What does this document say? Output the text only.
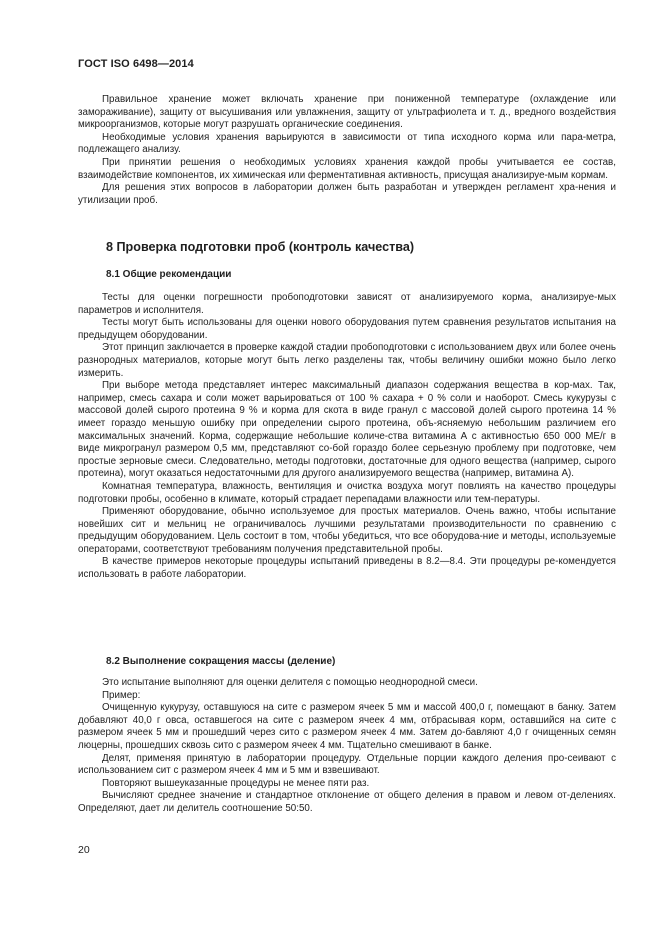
ГОСТ ISO 6498—2014

Правильное хранение может включать хранение при пониженной температуре (охлаждение или замораживание), защиту от высушивания или увлажнения, защиту от ультрафиолета и т. д., вредного воздействия микроорганизмов, которые могут разрушать органические соединения.

Необходимые условия хранения варьируются в зависимости от типа исходного корма или пара-метра, подлежащего анализу.

При принятии решения о необходимых условиях хранения каждой пробы учитывается ее состав, взаимодействие компонентов, их химическая или ферментативная активность, присущая анализируе-мым кормам.

Для решения этих вопросов в лаборатории должен быть разработан и утвержден регламент хра-нения и утилизации проб.

8 Проверка подготовки проб (контроль качества)
8.1 Общие рекомендации

Тесты для оценки погрешности пробоподготовки зависят от анализируемого корма, анализируе-мых параметров и исполнителя.

Тесты могут быть использованы для оценки нового оборудования путем сравнения результатов испытания на предыдущем оборудовании.

Этот принцип заключается в проверке каждой стадии пробоподготовки с использованием двух или более очень разнородных материалов, которые могут быть легко разделены так, чтобы величину ошибки можно было легко измерить.

При выборе метода представляет интерес максимальный диапазон содержания вещества в кор-мах. Так, например, смесь сахара и соли может варьироваться от 100 % сахара + 0 % соли и наоборот. Смесь кукурузы с массовой долей сырого протеина 9 % и корма для скота в виде гранул с массовой долей сырого протеина 14 % имеет гораздо меньшую ошибку при определении сырого протеина, объ-ясняемую небольшим различием его максимальных значений. Корма, содержащие небольшие количе-ства витамина А с активностью 650 000 МЕ/г в виде микрогранул размером 0,5 мм, представляют со-бой гораздо более серьезную проблему при подготовке, чем простые зерновые смеси. Следовательно, методы подготовки, достаточные для одного вещества (например, сырого протеина), могут оказаться недостаточными для другого анализируемого вещества (например, витамина А).

Комнатная температура, влажность, вентиляция и очистка воздуха могут повлиять на качество процедуры подготовки пробы, особенно в климате, который страдает перепадами влажности или тем-пературы.

Применяют оборудование, обычно используемое для простых материалов. Очень важно, чтобы испытание новейших сит и мельниц не ограничивалось лучшими результатами производительности по сравнению с предыдущим оборудованием. Цель состоит в том, чтобы убедиться, что все оборудова-ние и методы, используемые операторами, соответствуют требованиям получения представительной пробы.

В качестве примеров некоторые процедуры испытаний приведены в 8.2—8.4. Эти процедуры ре-комендуется использовать в работе лаборатории.

8.2 Выполнение сокращения массы (деление)

Это испытание выполняют для оценки делителя с помощью неоднородной смеси.

Пример:

Очищенную кукурузу, оставшуюся на сите с размером ячеек 5 мм и массой 400,0 г, помещают в банку. Затем добавляют 40,0 г овса, оставшегося на сите с размером ячеек 4 мм, отбрасывая корм, оставшийся на сите с размером ячеек 5 мм и прошедший через сито с размером ячеек 4 мм. Затем до-бавляют 4,0 г очищенных семян люцерны, прошедших сквозь сито с размером ячеек 4 мм. Тщательно смешивают в банке.

Делят, применяя принятую в лаборатории процедуру. Отдельные порции каждого деления про-сеивают с использованием сит с размером ячеек 4 мм и 5 мм и взвешивают.

Повторяют вышеуказанные процедуры не менее пяти раз.

Вычисляют среднее значение и стандартное отклонение от общего деления в правом и левом от-делениях. Определяют, дает ли делитель соотношение 50:50.

20
